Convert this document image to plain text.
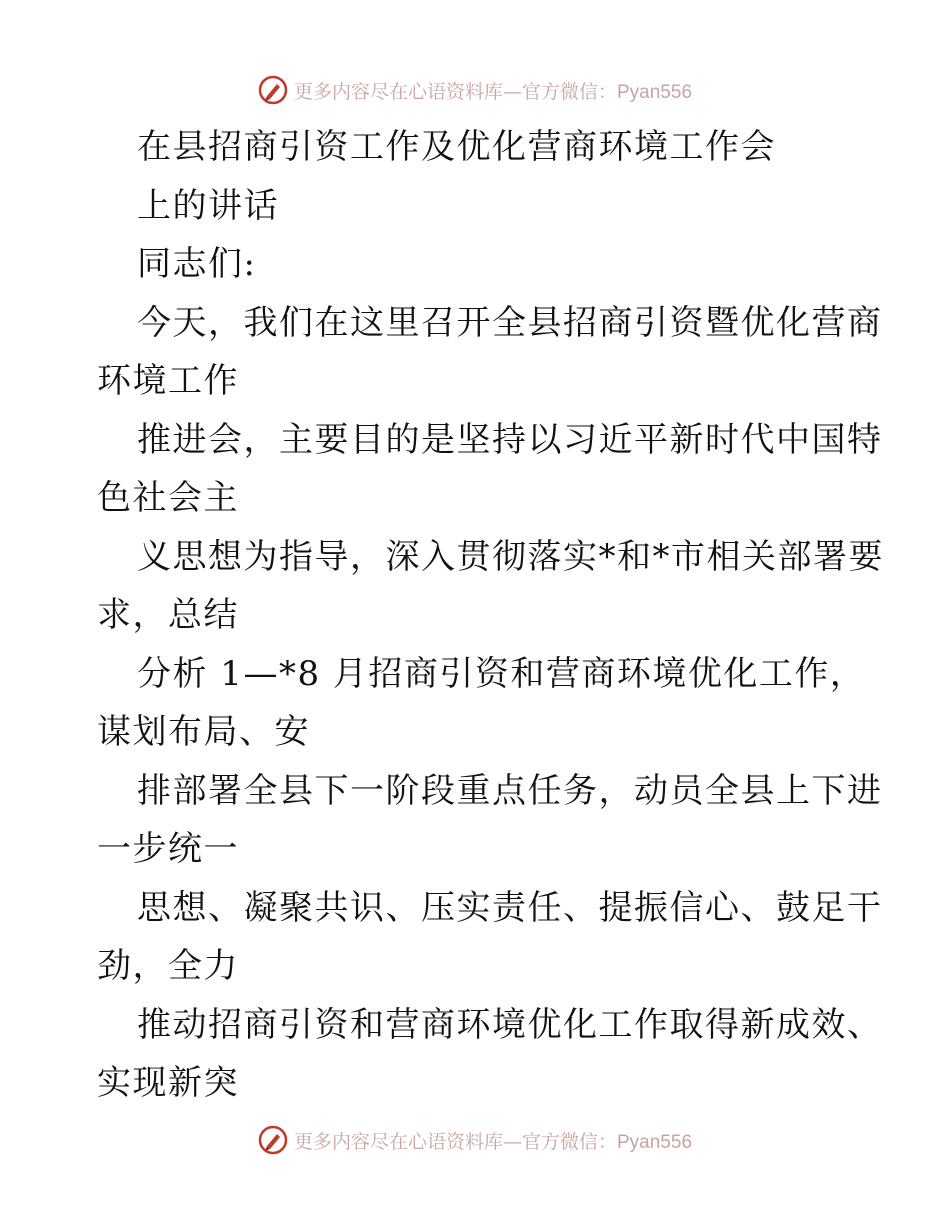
更多内容尽在心语资料库—官方微信：Pyan556
在县招商引资工作及优化营商环境工作会
上的讲话
同志们:
今天，我们在这里召开全县招商引资暨优化营商
环境工作
推进会，主要目的是坚持以习近平新时代中国特
色社会主
义思想为指导，深入贯彻落实*和*市相关部署要
求，总结
分析 1—*8 月招商引资和营商环境优化工作，
谋划布局、安
排部署全县下一阶段重点任务，动员全县上下进
一步统一
思想、凝聚共识、压实责任、提振信心、鼓足干
劲，全力
推动招商引资和营商环境优化工作取得新成效、
实现新突
更多内容尽在心语资料库—官方微信：Pyan556
